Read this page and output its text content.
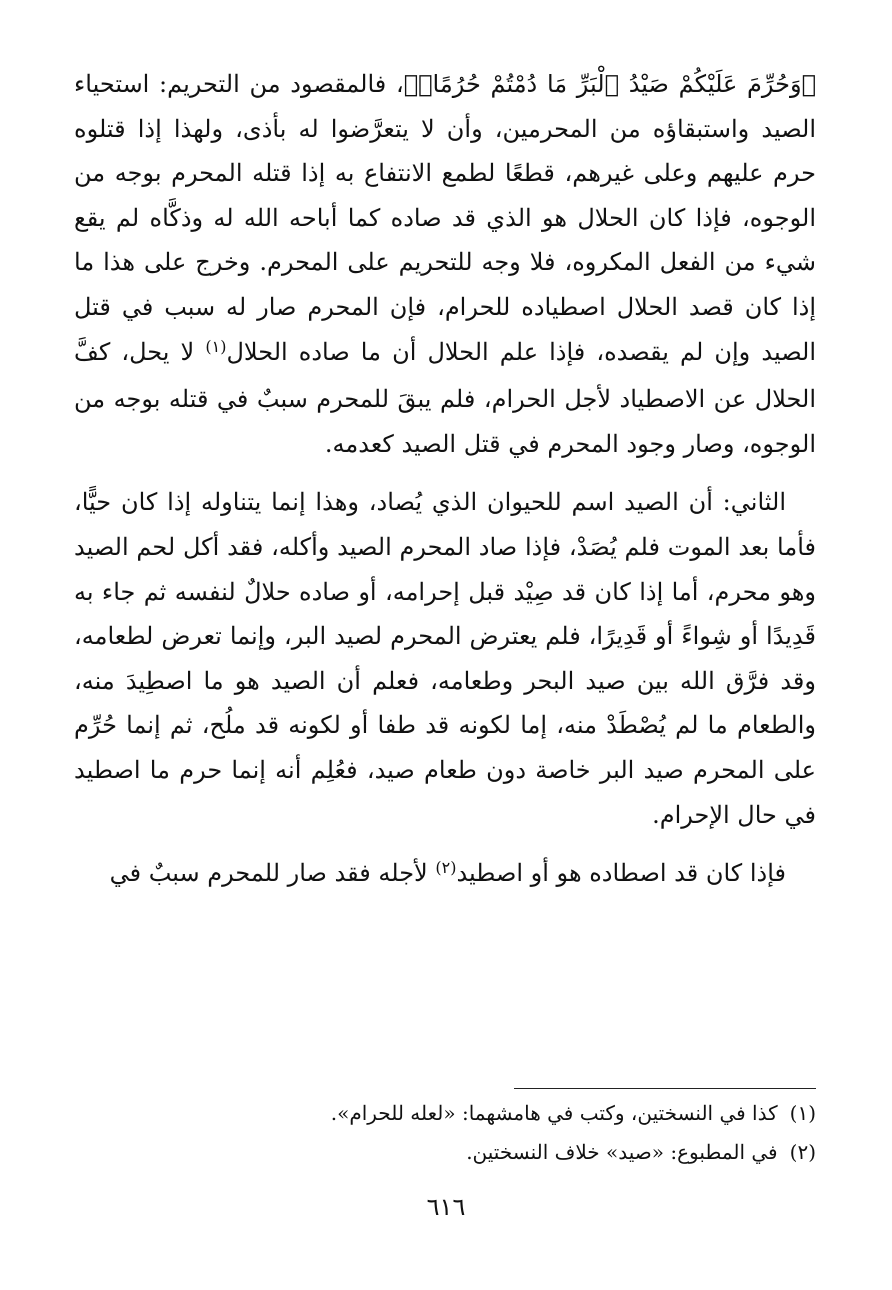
﴿وَحُرِّمَ عَلَيْكُمْ صَيْدُ ٱلْبَرِّ مَا دُمْتُمْ حُرُمًاۗ﴾، فالمقصود من التحريم: استحياء الصيد واستبقاؤه من المحرمين، وأن لا يتعرَّضوا له بأذى، ولهذا إذا قتلوه حرم عليهم وعلى غيرهم، قطعًا لطمع الانتفاع به إذا قتله المحرم بوجه من الوجوه، فإذا كان الحلال هو الذي قد صاده كما أباحه الله له وذكَّاه لم يقع شيء من الفعل المكروه، فلا وجه للتحريم على المحرم. وخرج على هذا ما إذا كان قصد الحلال اصطياده للحرام، فإن المحرم صار له سبب في قتل الصيد وإن لم يقصده، فإذا علم الحلال أن ما صاده الحلال$^{(١)}$ لا يحل، كفَّ الحلال عن الاصطياد لأجل الحرام، فلم يبقَ للمحرم سببٌ في قتله بوجه من الوجوه، وصار وجود المحرم في قتل الصيد كعدمه.

الثاني: أن الصيد اسم للحيوان الذي يُصاد، وهذا إنما يتناوله إذا كان حيًّا، فأما بعد الموت فلم يُصَدْ، فإذا صاد المحرم الصيد وأكله، فقد أكل لحم الصيد وهو محرم، أما إذا كان قد صِيْد قبل إحرامه، أو صاده حلالٌ لنفسه ثم جاء به قَدِيدًا أو شِواءً أو قَدِيرًا، فلم يعترض المحرم لصيد البر، وإنما تعرض لطعامه، وقد فرَّق الله بين صيد البحر وطعامه، فعلم أن الصيد هو ما اصطِيدَ منه، والطعام ما لم يُصْطَدْ منه، إما لكونه قد طفا أو لكونه قد ملُح، ثم إنما حُرِّم على المحرم صيد البر خاصة دون طعام صيد، فعُلِم أنه إنما حرم ما اصطيد في حال الإحرام.

فإذا كان قد اصطاده هو أو اصطيد$^{(٢)}$ لأجله فقد صار للمحرم سببٌ في

(١)كذا في النسختين، وكتب في هامشهما: «لعله للحرام».

(٢)في المطبوع: «صيد» خلاف النسختين.

٦١٦
